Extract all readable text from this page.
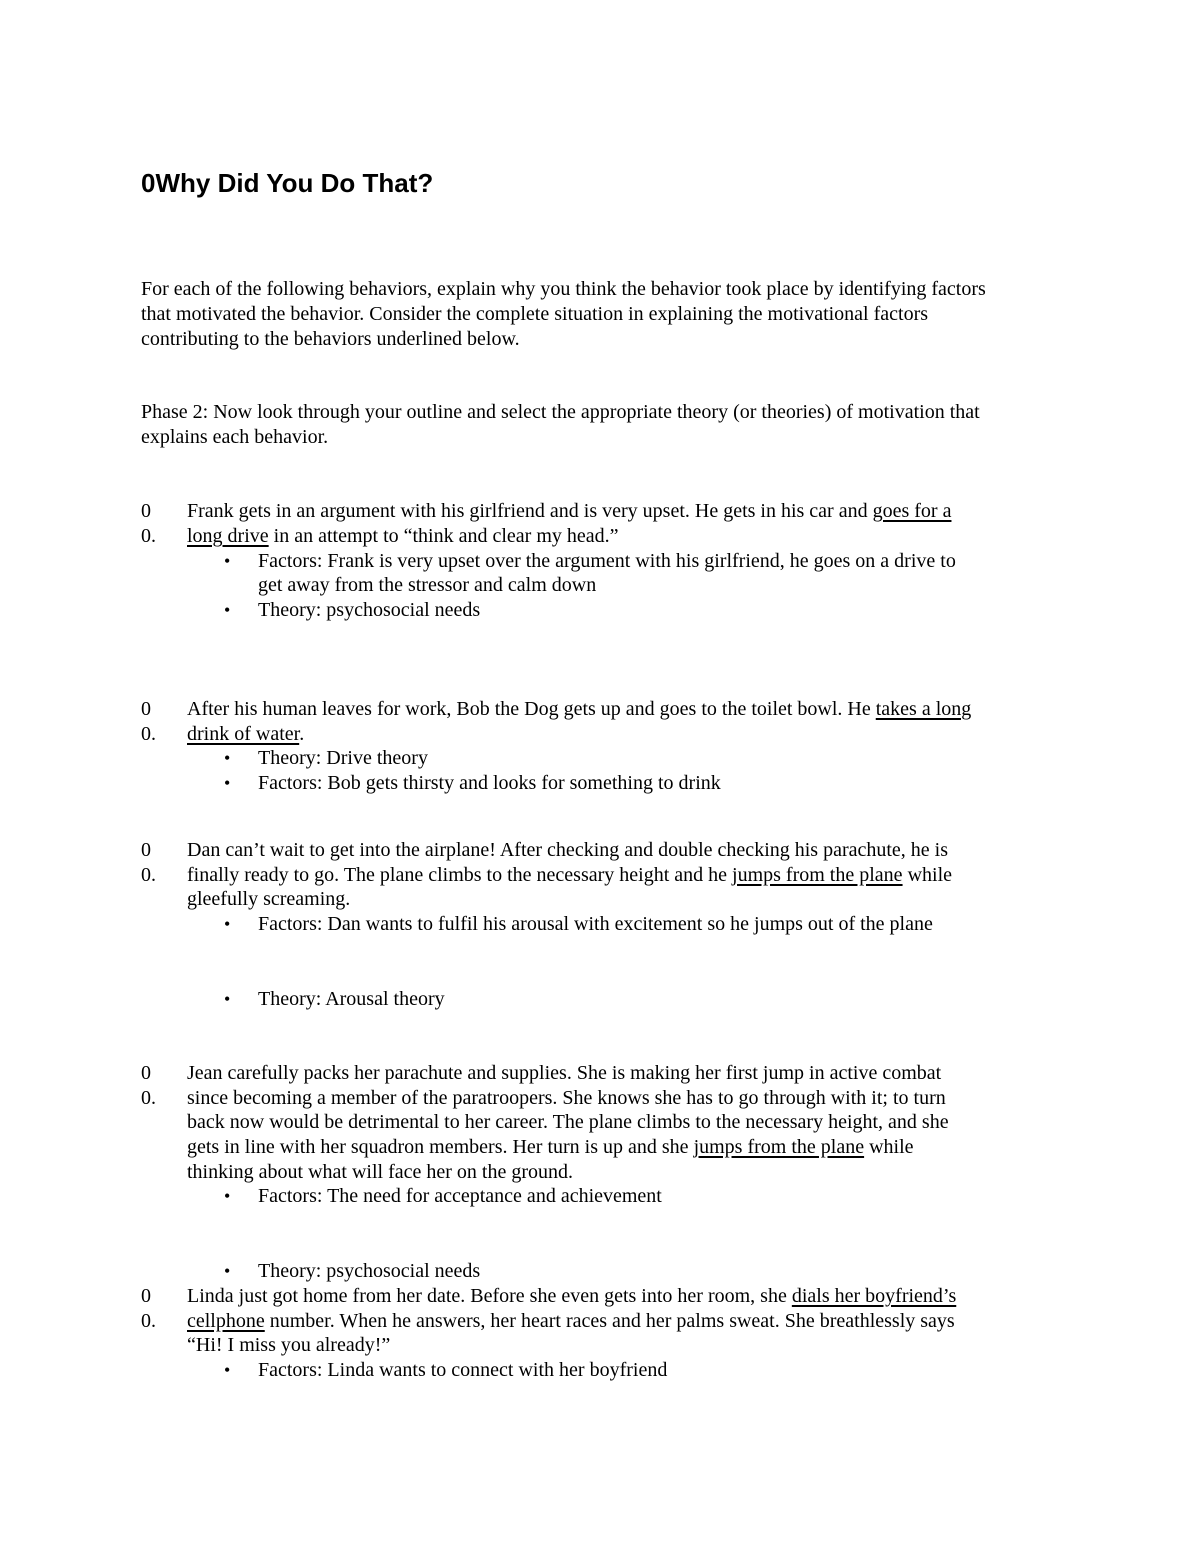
0Why Did You Do That?
For each of the following behaviors, explain why you think the behavior took place by identifying factors
that motivated the behavior. Consider the complete situation in explaining the motivational factors
contributing to the behaviors underlined below.
Phase 2: Now look through your outline and select the appropriate theory (or theories) of motivation that
explains each behavior.
0
0.
Frank gets in an argument with his girlfriend and is very upset. He gets in his car and goes for a
long drive in an attempt to “think and clear my head.”
• Factors: Frank is very upset over the argument with his girlfriend, he goes on a drive to
get away from the stressor and calm down
• Theory: psychosocial needs
0
0.
After his human leaves for work, Bob the Dog gets up and goes to the toilet bowl. He takes a long
drink of water.
• Theory: Drive theory
• Factors: Bob gets thirsty and looks for something to drink
0
0.
Dan can’t wait to get into the airplane! After checking and double checking his parachute, he is
finally ready to go. The plane climbs to the necessary height and he jumps from the plane while
gleefully screaming.
• Factors: Dan wants to fulfil his arousal with excitement so he jumps out of the plane
• Theory: Arousal theory
0
0.
Jean carefully packs her parachute and supplies. She is making her first jump in active combat
since becoming a member of the paratroopers. She knows she has to go through with it; to turn
back now would be detrimental to her career. The plane climbs to the necessary height, and she
gets in line with her squadron members. Her turn is up and she jumps from the plane while
thinking about what will face her on the ground.
• Factors: The need for acceptance and achievement
• Theory: psychosocial needs
0
0.
Linda just got home from her date. Before she even gets into her room, she dials her boyfriend’s
cellphone number. When he answers, her heart races and her palms sweat. She breathlessly says
“Hi! I miss you already!”
• Factors: Linda wants to connect with her boyfriend
